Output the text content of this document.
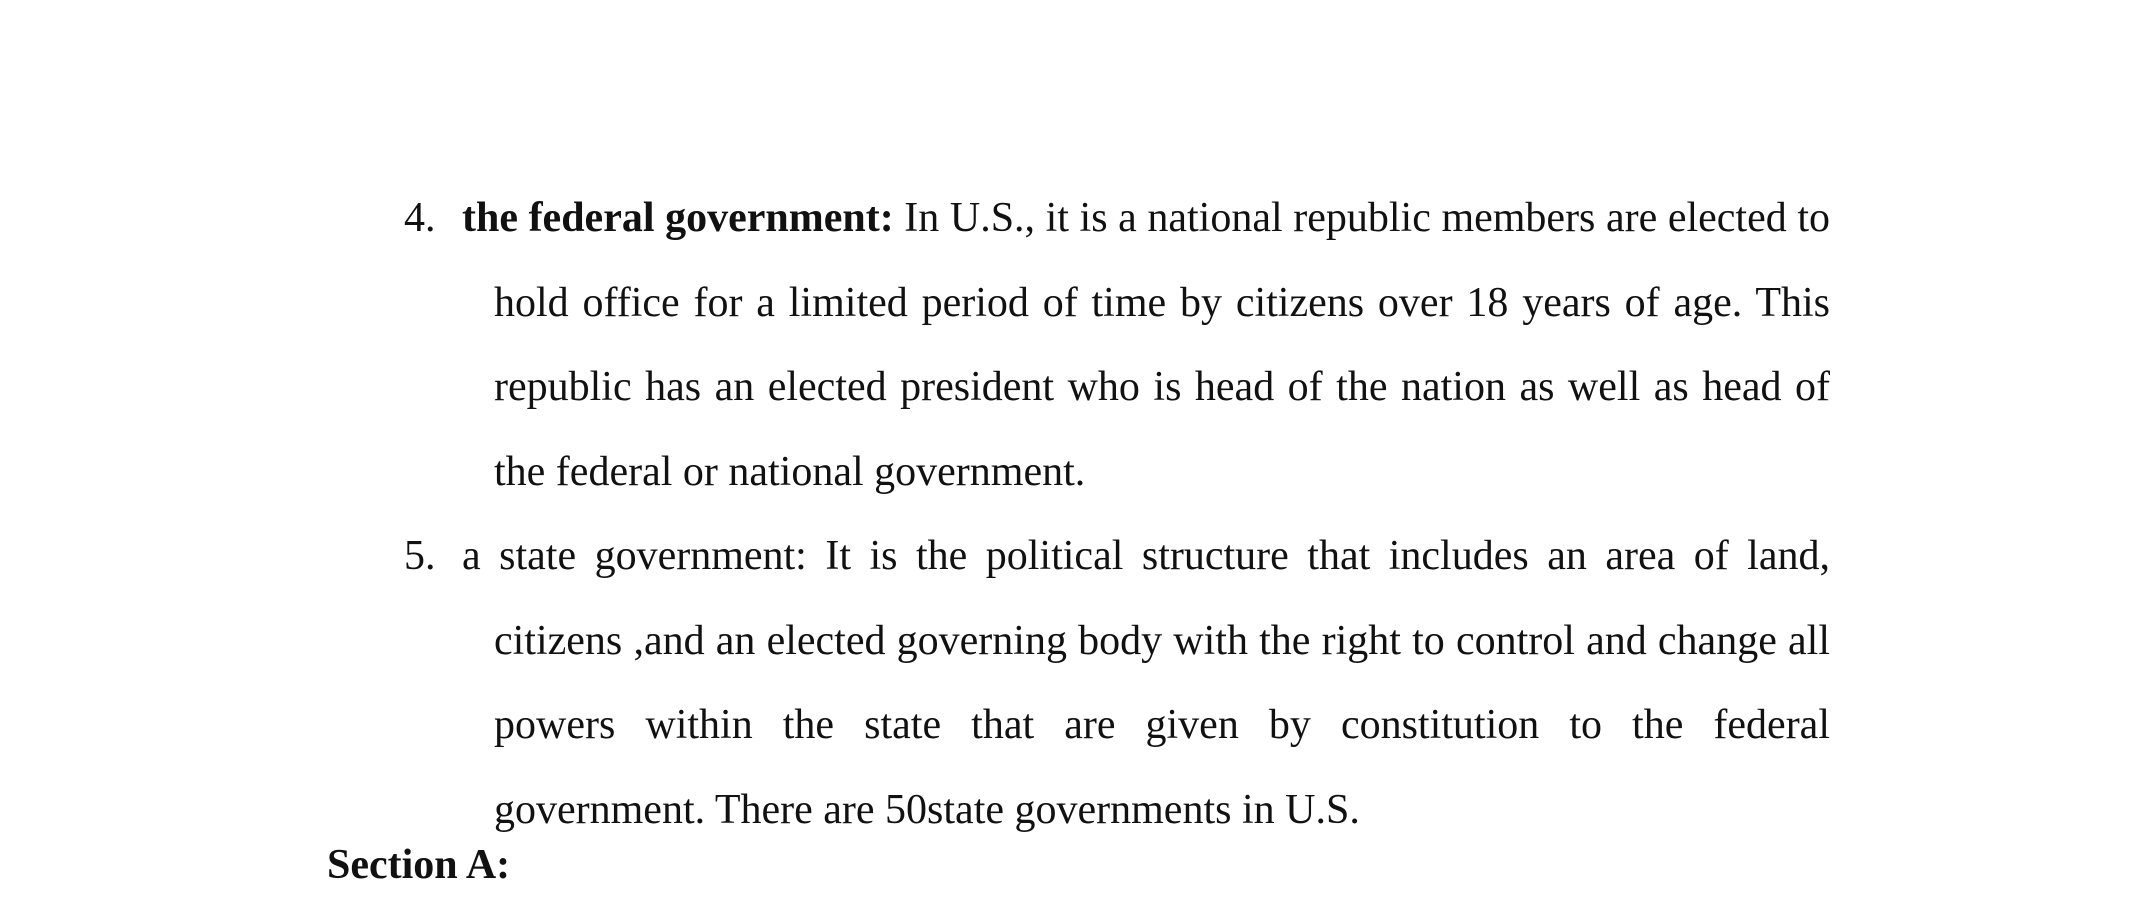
4. the federal government: In U.S., it is a national republic members are elected to hold office for a limited period of time by citizens over 18 years of age. This republic has an elected president who is head of the nation as well as head of the federal or national government.

5. a state government: It is the political structure that includes an area of land, citizens ,and an elected governing body with the right to control and change all powers within the state that are given by constitution to the federal government. There are 50state governments in U.S.

Section A:
